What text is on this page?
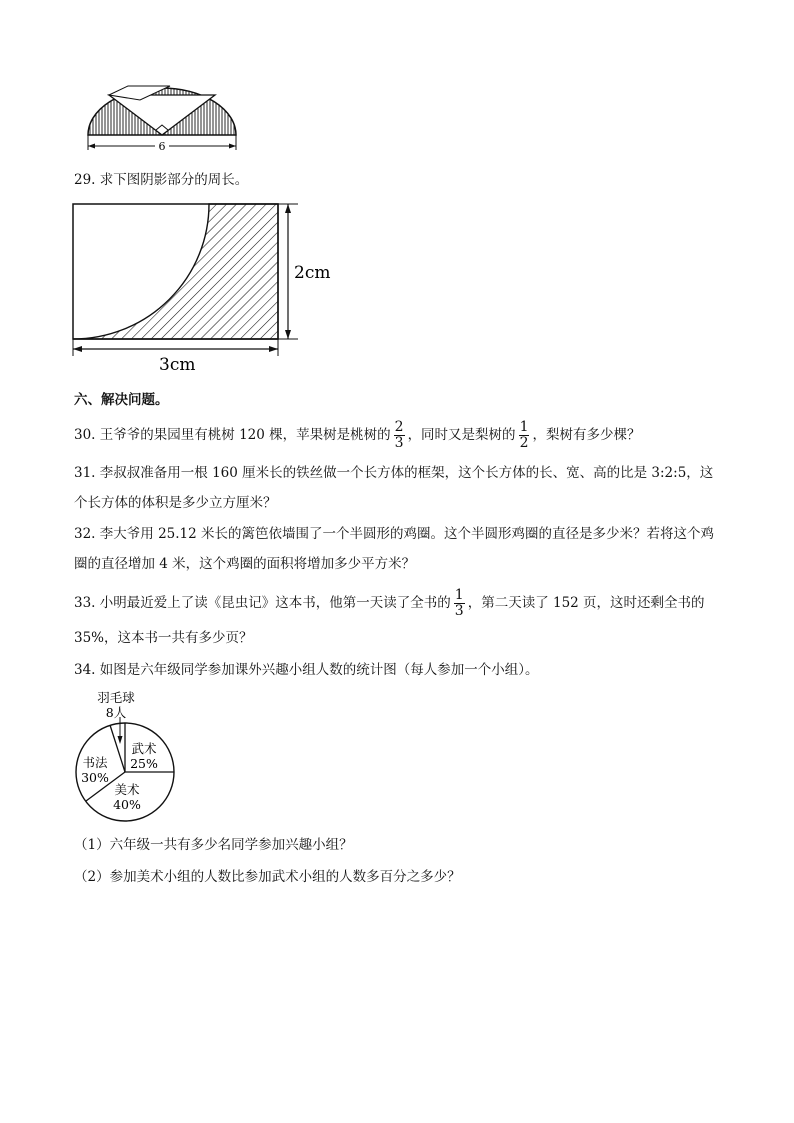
6
29. 求下图阴影部分的周长。
2cm
3cm
六、解决问题。
30. 王爷爷的果园里有桃树 120 棵，苹果树是桃树的 $\frac{2}{3}$ ，同时又是梨树的 $\frac{1}{2}$ ，梨树有多少棵？
31. 李叔叔准备用一根 160 厘米长的铁丝做一个长方体的框架，这个长方体的长、宽、高的比是 3:2:5，这
个长方体的体积是多少立方厘米？
32. 李大爷用 25.12 米长的篱笆依墙围了一个半圆形的鸡圈。这个半圆形鸡圈的直径是多少米？若将这个鸡
圈的直径增加 4 米，这个鸡圈的面积将增加多少平方米？
33. 小明最近爱上了读《昆虫记》这本书，他第一天读了全书的 $\frac{1}{3}$ ，第二天读了 152 页，这时还剩全书的
35%，这本书一共有多少页？
34. 如图是六年级同学参加课外兴趣小组人数的统计图（每人参加一个小组）。
羽毛球
8人
武术
25%
书法
30%
美术
40%
（1）六年级一共有多少名同学参加兴趣小组？
（2）参加美术小组的人数比参加武术小组的人数多百分之多少？
